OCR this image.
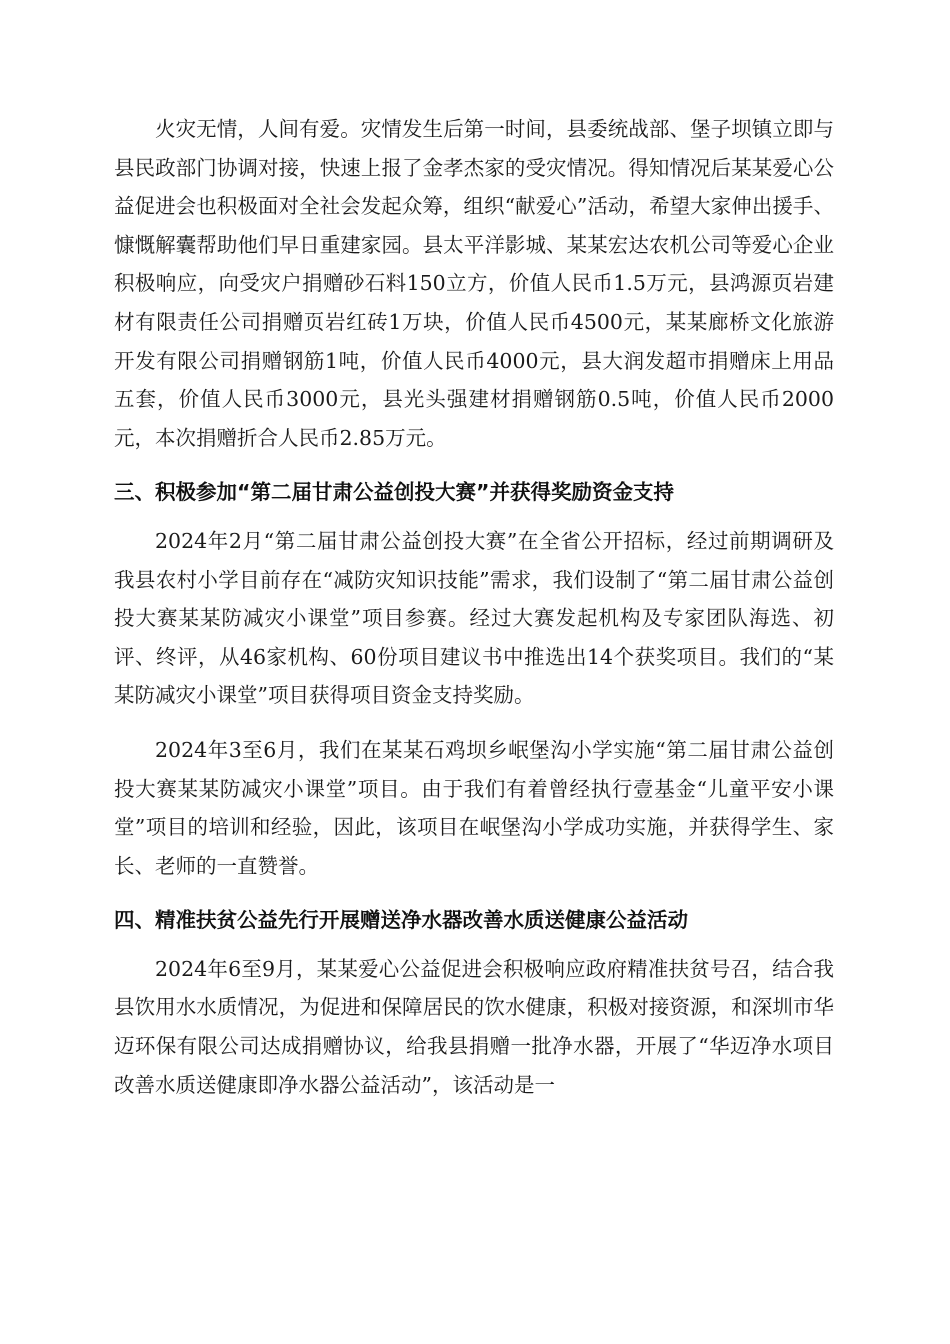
火灾无情，人间有爱。灾情发生后第一时间，县委统战部、堡子坝镇立即与县民政部门协调对接，快速上报了金孝杰家的受灾情况。得知情况后某某爱心公益促进会也积极面对全社会发起众筹，组织“献爱心”活动，希望大家伸出援手、慷慨解囊帮助他们早日重建家园。县太平洋影城、某某宏达农机公司等爱心企业积极响应，向受灾户捐赠砂石料150立方，价值人民币1.5万元，县鸿源页岩建材有限责任公司捐赠页岩红砖1万块，价值人民币4500元，某某廊桥文化旅游开发有限公司捐赠钢筋1吨，价值人民币4000元，县大润发超市捐赠床上用品五套，价值人民币3000元，县光头强建材捐赠钢筋0.5吨，价值人民币2000元，本次捐赠折合人民币2.85万元。

三、积极参加“第二届甘肃公益创投大赛”并获得奖励资金支持

2024年2月“第二届甘肃公益创投大赛”在全省公开招标，经过前期调研及我县农村小学目前存在“减防灾知识技能”需求，我们设制了“第二届甘肃公益创投大赛某某防减灾小课堂”项目参赛。经过大赛发起机构及专家团队海选、初评、终评，从46家机构、60份项目建议书中推选出14个获奖项目。我们的“某某防减灾小课堂”项目获得项目资金支持奖励。

2024年3至6月，我们在某某石鸡坝乡岷堡沟小学实施“第二届甘肃公益创投大赛某某防减灾小课堂”项目。由于我们有着曾经执行壹基金“儿童平安小课堂”项目的培训和经验，因此，该项目在岷堡沟小学成功实施，并获得学生、家长、老师的一直赞誉。

四、精准扶贫公益先行开展赠送净水器改善水质送健康公益活动

2024年6至9月，某某爱心公益促进会积极响应政府精准扶贫号召，结合我县饮用水水质情况，为促进和保障居民的饮水健康，积极对接资源，和深圳市华迈环保有限公司达成捐赠协议，给我县捐赠一批净水器，开展了“华迈净水项目改善水质送健康即净水器公益活动”，该活动是一
